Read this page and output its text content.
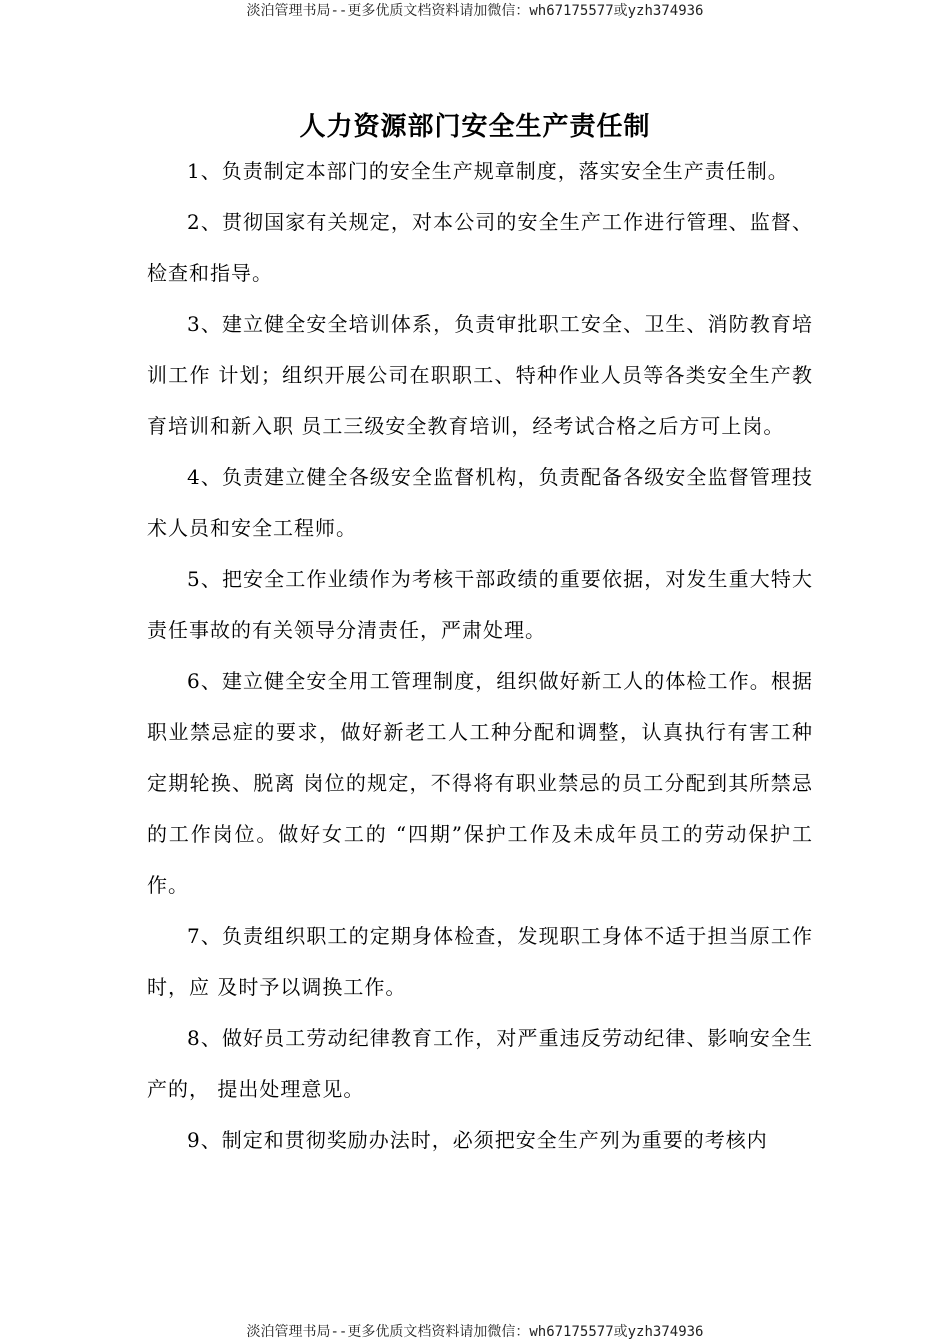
淡泊管理书局--更多优质文档资料请加微信：wh67175577或yzh374936
人力资源部门安全生产责任制

1、负责制定本部门的安全生产规章制度，落实安全生产责任制。

2、贯彻国家有关规定，对本公司的安全生产工作进行管理、监督、检查和指导。

3、建立健全安全培训体系，负责审批职工安全、卫生、消防教育培训工作 计划；组织开展公司在职职工、特种作业人员等各类安全生产教育培训和新入职 员工三级安全教育培训，经考试合格之后方可上岗。

4、负责建立健全各级安全监督机构，负责配备各级安全监督管理技术人员和安全工程师。

5、把安全工作业绩作为考核干部政绩的重要依据，对发生重大特大责任事故的有关领导分清责任，严肃处理。

6、建立健全安全用工管理制度，组织做好新工人的体检工作。根据职业禁忌症的要求，做好新老工人工种分配和调整，认真执行有害工种定期轮换、脱离 岗位的规定，不得将有职业禁忌的员工分配到其所禁忌的工作岗位。做好女工的 “四期”保护工作及未成年员工的劳动保护工作。

7、负责组织职工的定期身体检查，发现职工身体不适于担当原工作时，应 及时予以调换工作。

8、做好员工劳动纪律教育工作，对严重违反劳动纪律、影响安全生产的， 提出处理意见。

9、制定和贯彻奖励办法时，必须把安全生产列为重要的考核内

淡泊管理书局--更多优质文档资料请加微信：wh67175577或yzh374936
